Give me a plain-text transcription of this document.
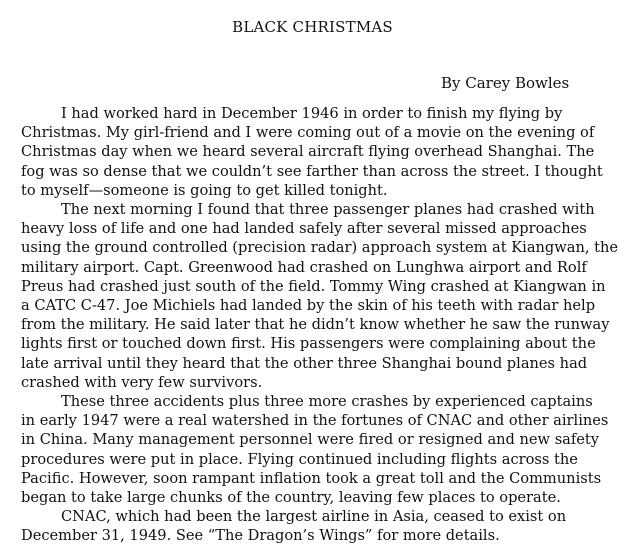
BLACK CHRISTMAS
By Carey Bowles
I had worked hard in December 1946 in order to finish my flying by
Christmas. My girl-friend and I were coming out of a movie on the evening of
Christmas day when we heard several aircraft flying overhead Shanghai. The
fog was so dense that we couldn’t see farther than across the street. I thought
to myself—someone is going to get killed tonight.
The next morning I found that three passenger planes had crashed with
heavy loss of life and one had landed safely after several missed approaches
using the ground controlled (precision radar) approach system at Kiangwan, the
military airport. Capt. Greenwood had crashed on Lunghwa airport and Rolf
Preus had crashed just south of the field. Tommy Wing crashed at Kiangwan in
a CATC C-47. Joe Michiels had landed by the skin of his teeth with radar help
from the military. He said later that he didn’t know whether he saw the runway
lights first or touched down first. His passengers were complaining about the
late arrival until they heard that the other three Shanghai bound planes had
crashed with very few survivors.
These three accidents plus three more crashes by experienced captains
in early 1947 were a real watershed in the fortunes of CNAC and other airlines
in China. Many management personnel were fired or resigned and new safety
procedures were put in place. Flying continued including flights across the
Pacific. However, soon rampant inflation took a great toll and the Communists
began to take large chunks of the country, leaving few places to operate.
CNAC, which had been the largest airline in Asia, ceased to exist on
December 31, 1949. See “The Dragon’s Wings” for more details.
